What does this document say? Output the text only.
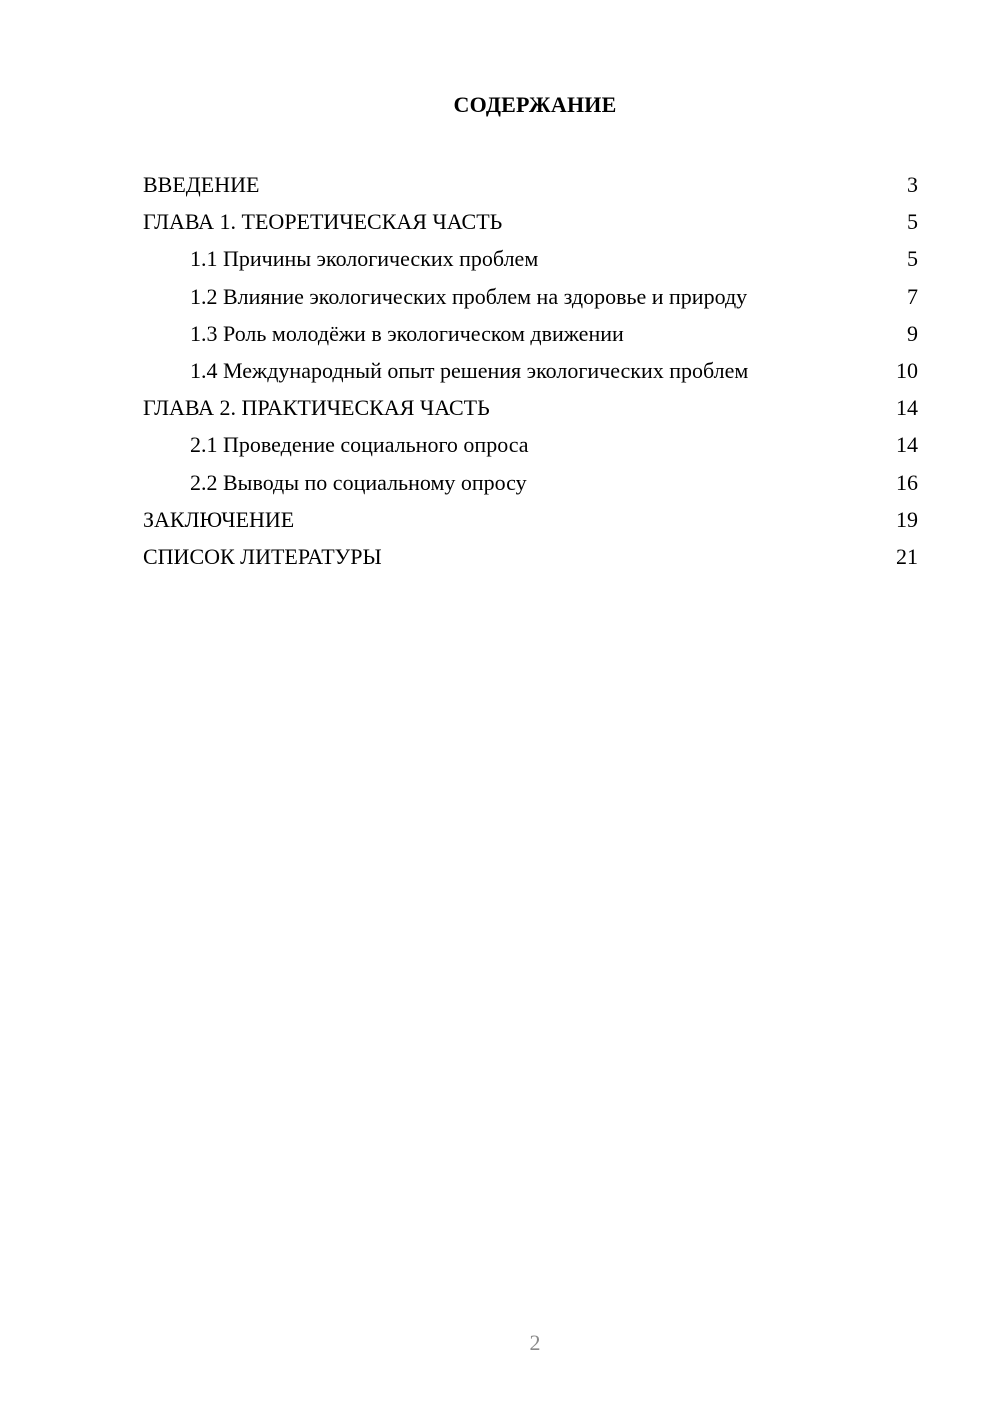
СОДЕРЖАНИЕ
ВВЕДЕНИЕ	3
ГЛАВА 1. ТЕОРЕТИЧЕСКАЯ ЧАСТЬ	5
1.1 Причины экологических проблем	5
1.2 Влияние экологических проблем на здоровье и природу	7
1.3 Роль молодёжи в экологическом движении	9
1.4 Международный опыт решения экологических проблем	10
ГЛАВА 2. ПРАКТИЧЕСКАЯ ЧАСТЬ	14
2.1 Проведение социального опроса	14
2.2 Выводы по социальному опросу	16
ЗАКЛЮЧЕНИЕ	19
СПИСОК ЛИТЕРАТУРЫ	21
2
